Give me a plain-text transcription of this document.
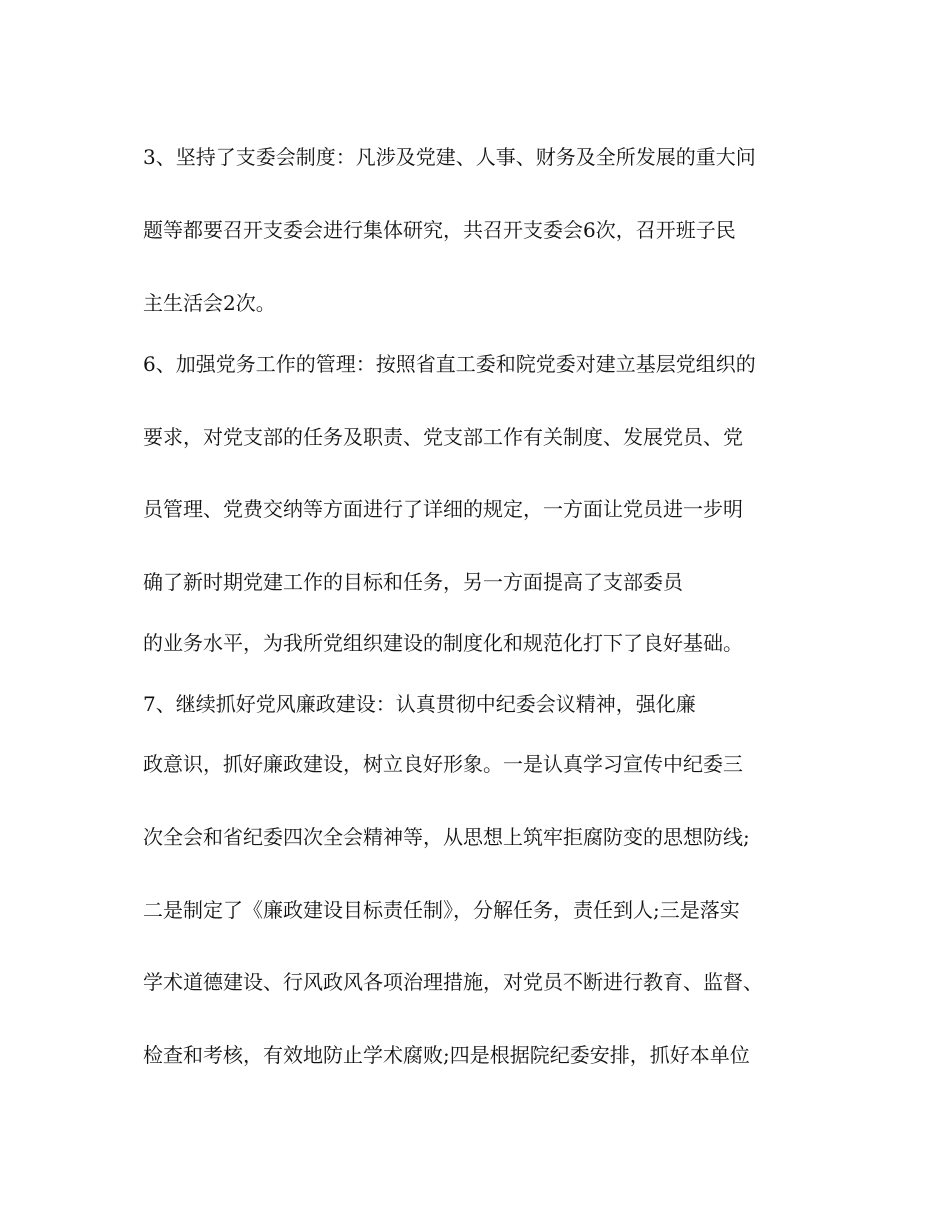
3、坚持了支委会制度：凡涉及党建、人事、财务及全所发展的重大问
题等都要召开支委会进行集体研究，共召开支委会6次，召开班子民
主生活会2次。
6、加强党务工作的管理：按照省直工委和院党委对建立基层党组织的
要求，对党支部的任务及职责、党支部工作有关制度、发展党员、党
员管理、党费交纳等方面进行了详细的规定，一方面让党员进一步明
确了新时期党建工作的目标和任务，另一方面提高了支部委员
的业务水平，为我所党组织建设的制度化和规范化打下了良好基础。
7、继续抓好党风廉政建设：认真贯彻中纪委会议精神，强化廉
政意识，抓好廉政建设，树立良好形象。一是认真学习宣传中纪委三
次全会和省纪委四次全会精神等，从思想上筑牢拒腐防变的思想防线;
二是制定了《廉政建设目标责任制》，分解任务，责任到人;三是落实
学术道德建设、行风政风各项治理措施，对党员不断进行教育、监督、
检查和考核，有效地防止学术腐败;四是根据院纪委安排，抓好本单位
